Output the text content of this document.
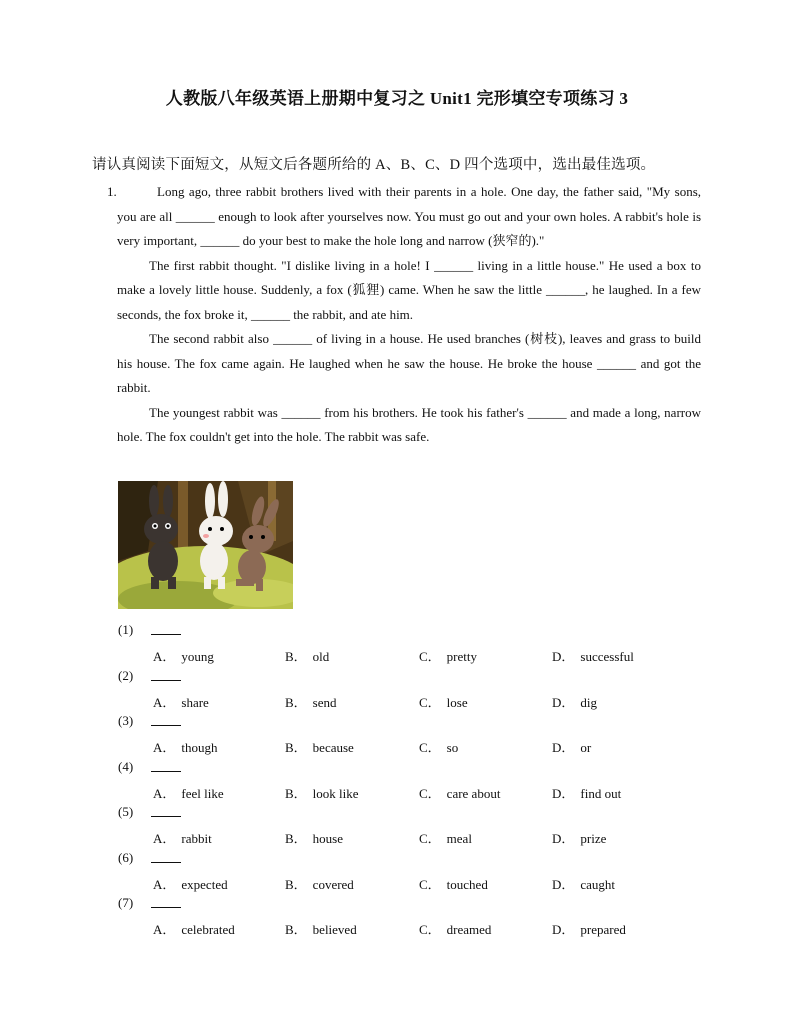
人教版八年级英语上册期中复习之 Unit1 完形填空专项练习 3
请认真阅读下面短文，从短文后各题所给的 A、B、C、D 四个选项中，选出最佳选项。
1.	Long ago, three rabbit brothers lived with their parents in a hole. One day, the father said, "My sons, you are all ______ enough to look after yourselves now. You must go out and your own holes. A rabbit's hole is very important, ______ do your best to make the hole long and narrow (狭窄的)."

The first rabbit thought. "I dislike living in a hole! I ______ living in a little house." He used a box to make a lovely little house. Suddenly, a fox (狐狸) came. When he saw the little ______, he laughed. In a few seconds, the fox broke it, ______ the rabbit, and ate him.

The second rabbit also ______ of living in a house. He used branches (树枝), leaves and grass to build his house. The fox came again. He laughed when he saw the house. He broke the house ______ and got the rabbit.

The youngest rabbit was ______ from his brothers. He took his father's ______ and made a long, narrow hole. The fox couldn't get into the hole. The rabbit was safe.

(1)
A． young	B． old	C． pretty	D． successful
(2)
A． share	B． send	C． lose	D． dig
(3)
A． though	B． because	C． so	D． or
(4)
A． feel like	B． look like	C． care about	D． find out
(5)
A． rabbit	B． house	C． meal	D． prize
(6)
A． expected	B． covered	C． touched	D． caught
(7)
A． celebrated	B． believed	C． dreamed	D． prepared
